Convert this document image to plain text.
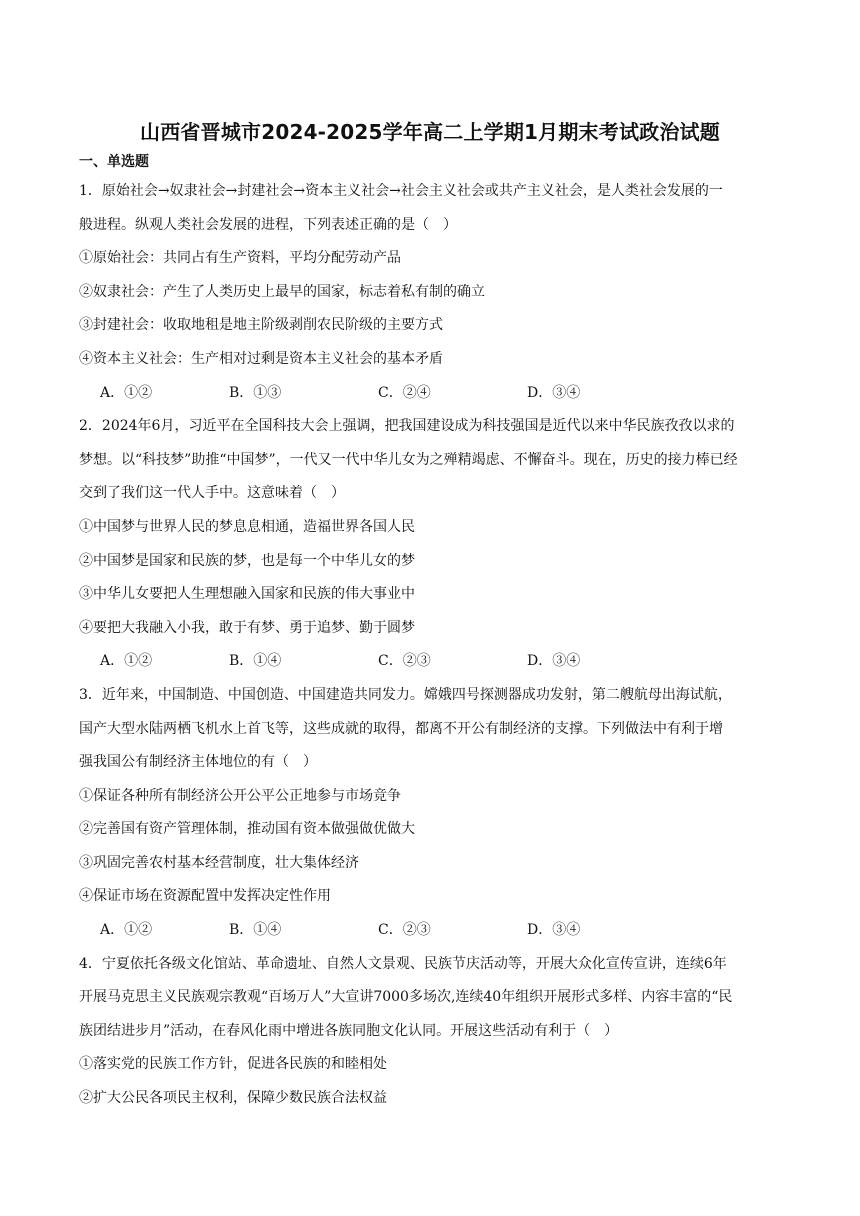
山西省晋城市2024-2025学年高二上学期1月期末考试政治试题
一、单选题
1．原始社会→奴隶社会→封建社会→资本主义社会→社会主义社会或共产主义社会，是人类社会发展的一
般进程。纵观人类社会发展的进程，下列表述正确的是（　）
①原始社会：共同占有生产资料，平均分配劳动产品
②奴隶社会：产生了人类历史上最早的国家，标志着私有制的确立
③封建社会：收取地租是地主阶级剥削农民阶级的主要方式
④资本主义社会：生产相对过剩是资本主义社会的基本矛盾
A．①②	B．①③	C．②④	D．③④
2．2024年6月，习近平在全国科技大会上强调，把我国建设成为科技强国是近代以来中华民族孜孜以求的
梦想。以“科技梦”助推“中国梦”，一代又一代中华儿女为之殚精竭虑、不懈奋斗。现在，历史的接力棒已经
交到了我们这一代人手中。这意味着（　）
①中国梦与世界人民的梦息息相通，造福世界各国人民
②中国梦是国家和民族的梦，也是每一个中华儿女的梦
③中华儿女要把人生理想融入国家和民族的伟大事业中
④要把大我融入小我，敢于有梦、勇于追梦、勤于圆梦
A．①②	B．①④	C．②③	D．③④
3．近年来，中国制造、中国创造、中国建造共同发力。嫦娥四号探测器成功发射，第二艘航母出海试航，
国产大型水陆两栖飞机水上首飞等，这些成就的取得，都离不开公有制经济的支撑。下列做法中有利于增
强我国公有制经济主体地位的有（　）
①保证各种所有制经济公开公平公正地参与市场竞争
②完善国有资产管理体制，推动国有资本做强做优做大
③巩固完善农村基本经营制度，壮大集体经济
④保证市场在资源配置中发挥决定性作用
A．①②	B．①④	C．②③	D．③④
4．宁夏依托各级文化馆站、革命遗址、自然人文景观、民族节庆活动等，开展大众化宣传宣讲，连续6年
开展马克思主义民族观宗教观“百场万人”大宣讲7000多场次,连续40年组织开展形式多样、内容丰富的“民
族团结进步月”活动，在春风化雨中增进各族同胞文化认同。开展这些活动有利于（　）
①落实党的民族工作方针，促进各民族的和睦相处
②扩大公民各项民主权利，保障少数民族合法权益
